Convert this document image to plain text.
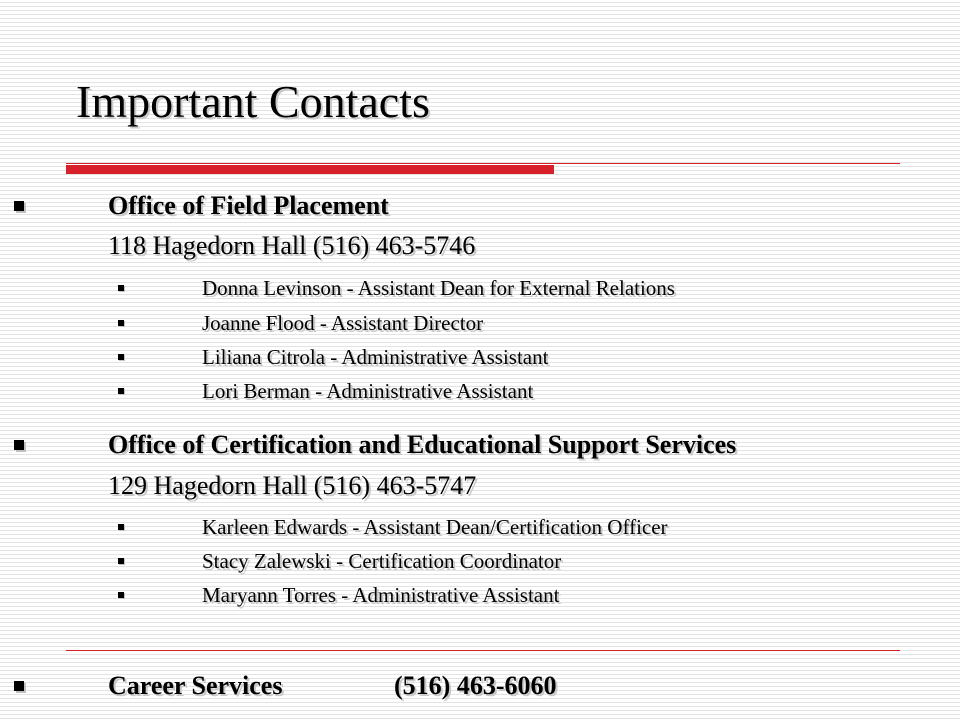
Important Contacts
Office of Field Placement
118 Hagedorn Hall (516) 463-5746
Donna Levinson - Assistant Dean for External Relations
Joanne Flood - Assistant Director
Liliana Citrola - Administrative Assistant
Lori Berman - Administrative Assistant
Office of Certification and Educational Support Services
129 Hagedorn Hall (516) 463-5747
Karleen Edwards - Assistant Dean/Certification Officer
Stacy Zalewski - Certification Coordinator
Maryann Torres - Administrative Assistant
Career Services	(516) 463-6060
